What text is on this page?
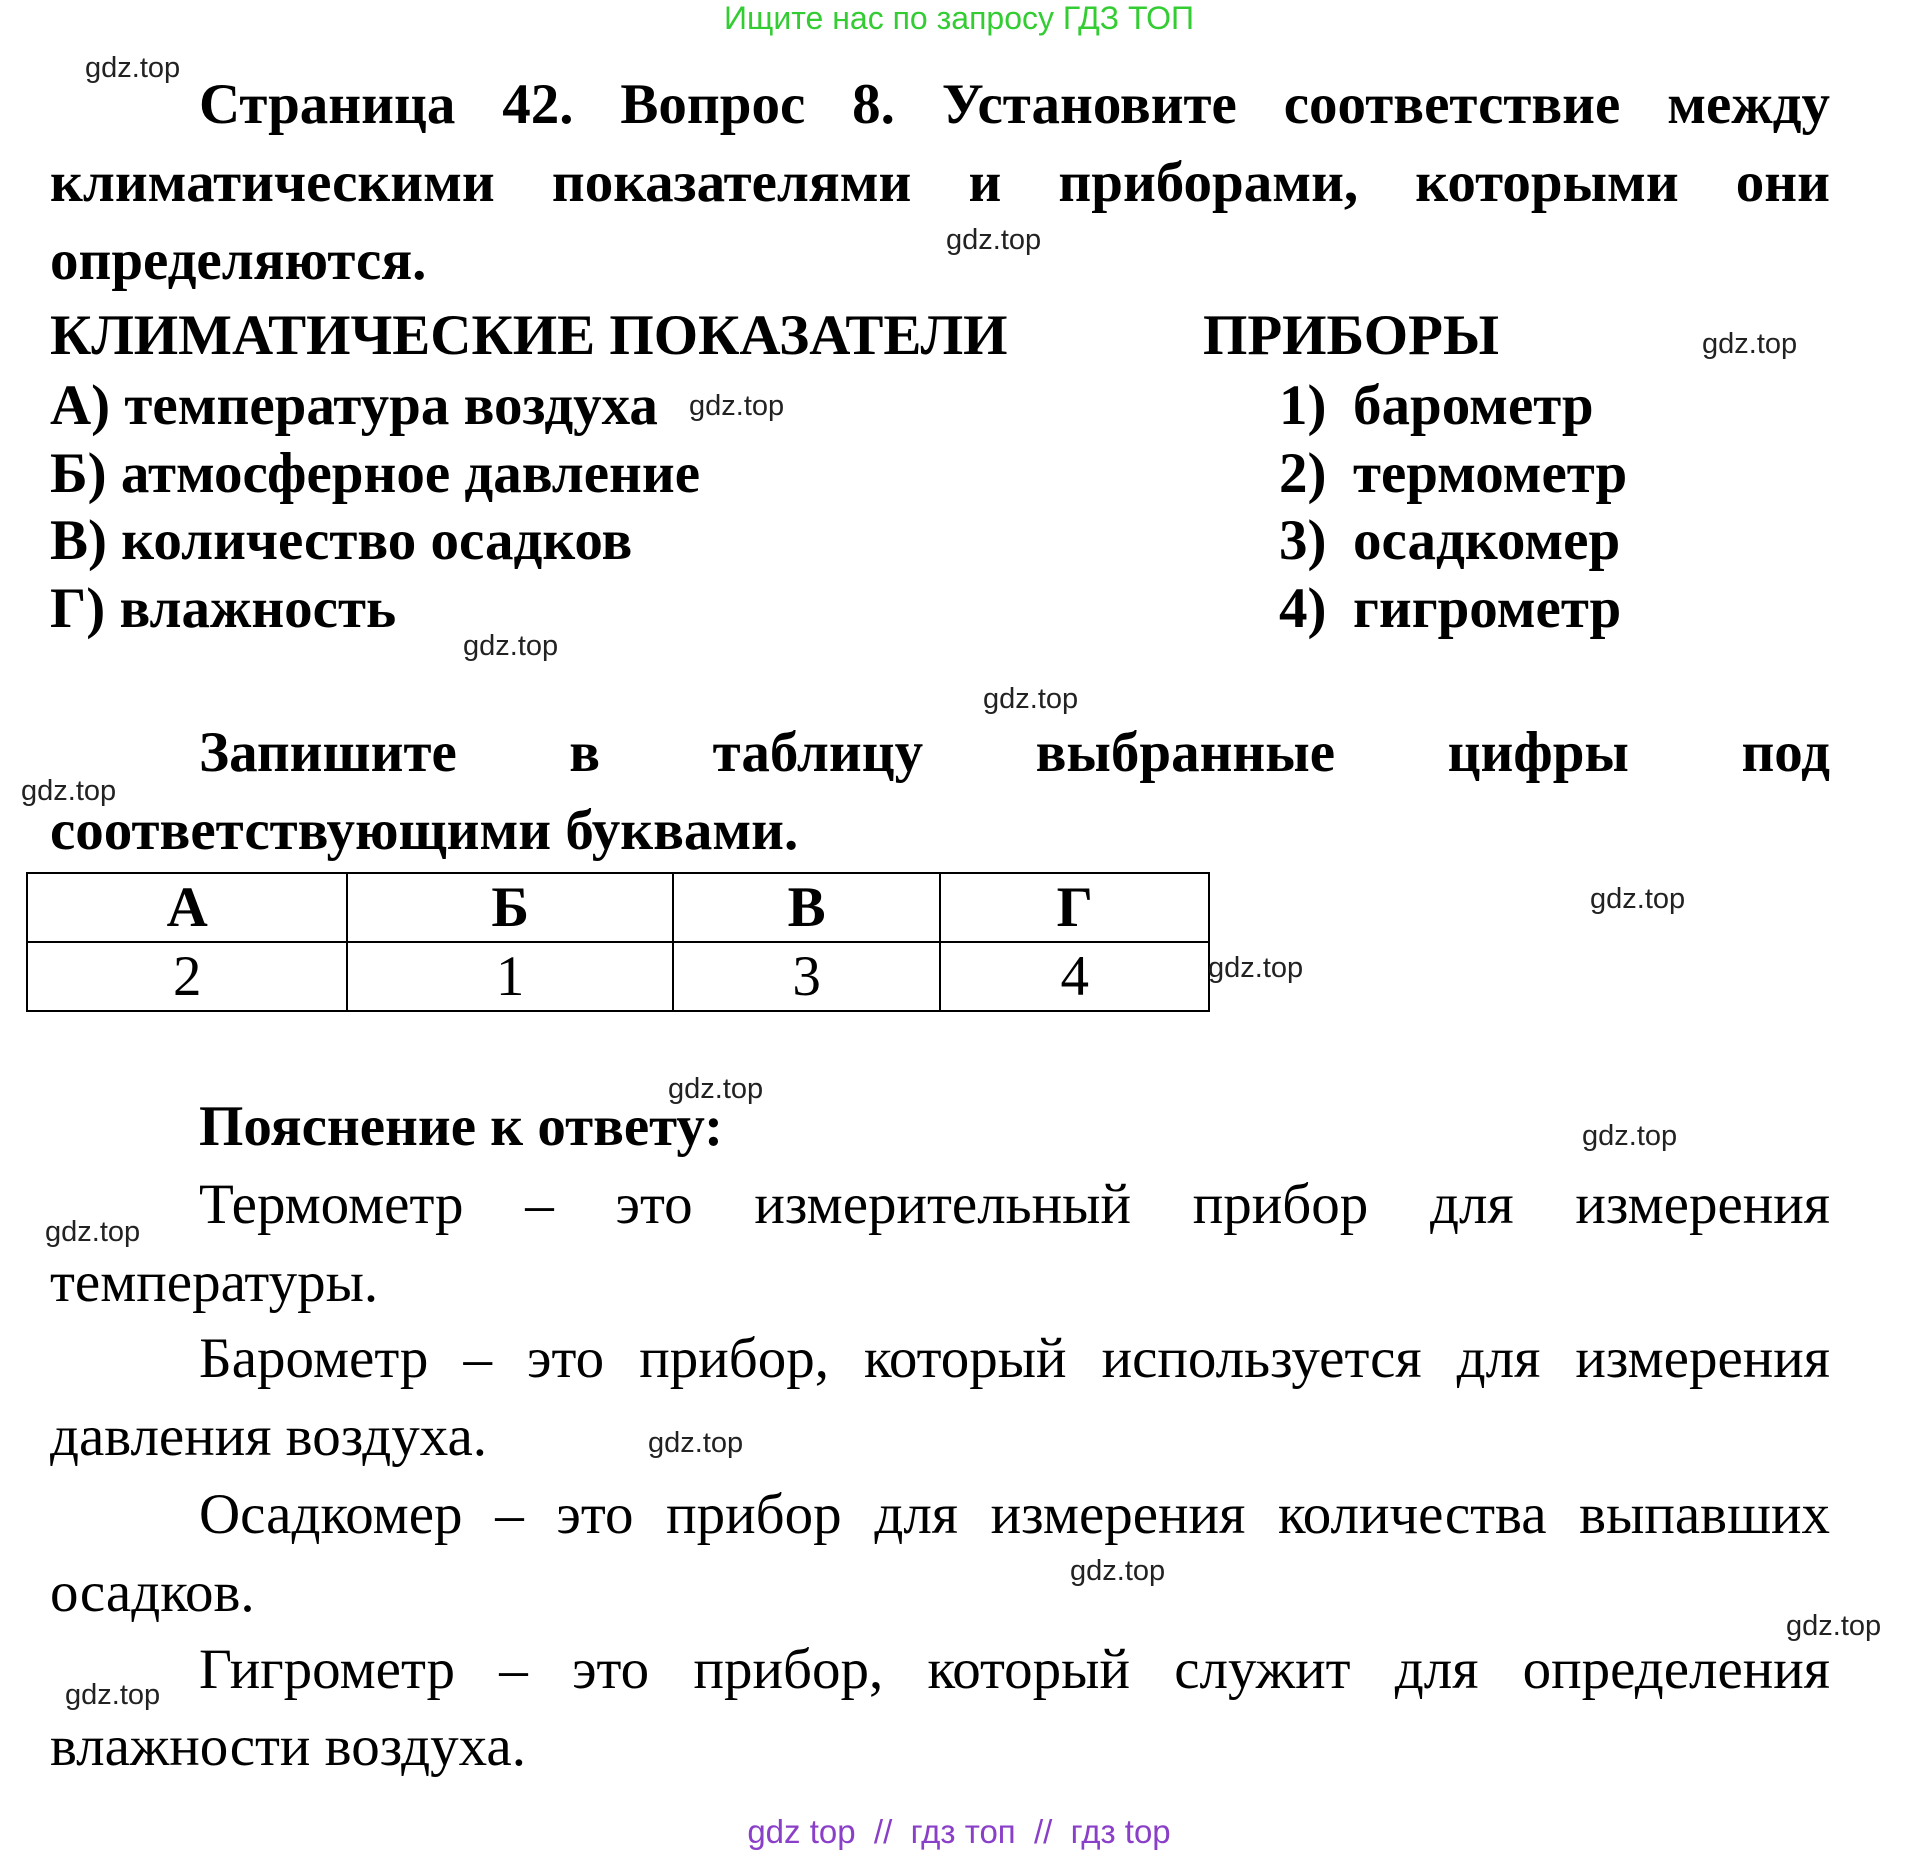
Ищите нас по запросу ГДЗ ТОП
Страница 42. Вопрос 8. Установите соответствие между
климатическими показателями и приборами, которыми они
определяются.
КЛИМАТИЧЕСКИЕ ПОКАЗАТЕЛИ	ПРИБОРЫ
А) температура воздуха
Б) атмосферное давление
В) количество осадков
Г) влажность
1) барометр
2) термометр
3) осадкомер
4) гигрометр
Запишите в таблицу выбранные цифры под
соответствующими буквами.
А	Б	В	Г
2	1	3	4
Пояснение к ответу:
Термометр – это измерительный прибор для измерения
температуры.
Барометр – это прибор, который используется для измерения
давления воздуха.
Осадкомер – это прибор для измерения количества выпавших
осадков.
Гигрометр – это прибор, который служит для определения
влажности воздуха.
gdz.top
gdz.top
gdz.top
gdz.top
gdz.top
gdz.top
gdz.top
gdz.top
gdz.top
gdz.top
gdz.top
gdz.top
gdz.top
gdz.top
gdz.top
gdz.top
gdz top  //  гдз топ  //  гдз top
